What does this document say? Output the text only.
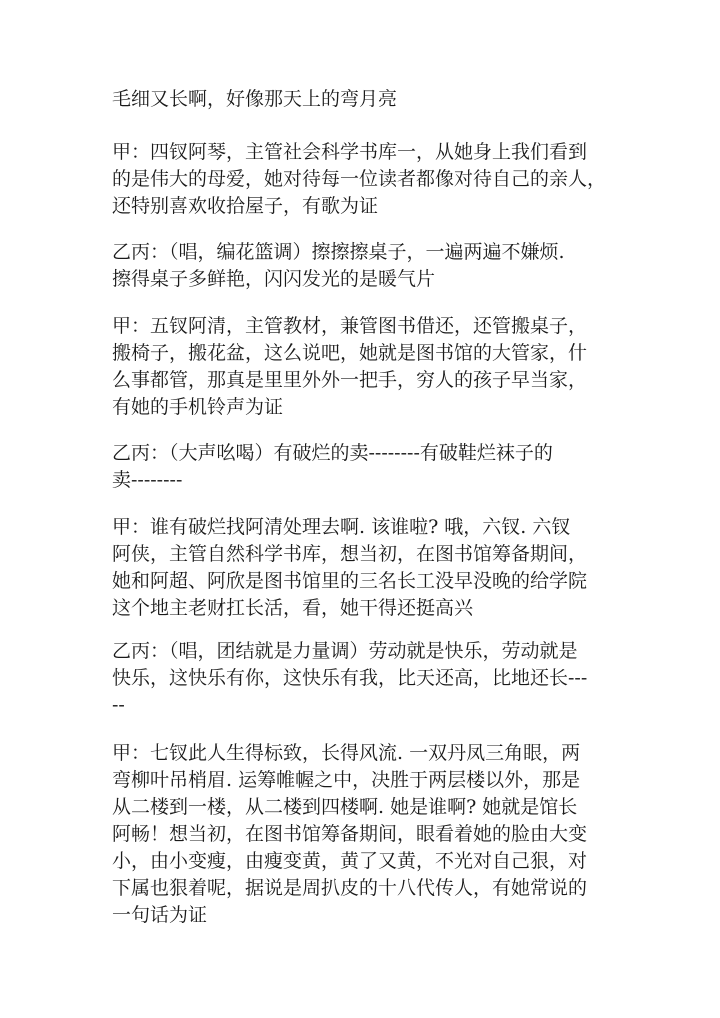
毛细又长啊，好像那天上的弯月亮
甲：四钗阿琴，主管社会科学书库一，从她身上我们看到
的是伟大的母爱，她对待每一位读者都像对待自己的亲人，
还特别喜欢收拾屋子，有歌为证
乙丙：（唱，编花篮调）擦擦擦桌子，一遍两遍不嫌烦.
擦得桌子多鲜艳，闪闪发光的是暖气片
甲：五钗阿清，主管教材，兼管图书借还，还管搬桌子，
搬椅子，搬花盆，这么说吧，她就是图书馆的大管家，什
么事都管，那真是里里外外一把手，穷人的孩子早当家，
有她的手机铃声为证
乙丙：（大声吆喝）有破烂的卖--------有破鞋烂袜子的
卖--------
甲：谁有破烂找阿清处理去啊. 该谁啦? 哦，六钗. 六钗
阿侠，主管自然科学书库，想当初，在图书馆筹备期间，
她和阿超、阿欣是图书馆里的三名长工没早没晚的给学院
这个地主老财扛长活，看，她干得还挺高兴
乙丙：（唱，团结就是力量调）劳动就是快乐，劳动就是
快乐，这快乐有你，这快乐有我，比天还高，比地还长---
--
甲：七钗此人生得标致，长得风流. 一双丹凤三角眼，两
弯柳叶吊梢眉. 运筹帷幄之中，决胜于两层楼以外，那是
从二楼到一楼，从二楼到四楼啊. 她是谁啊? 她就是馆长
阿畅！想当初，在图书馆筹备期间，眼看着她的脸由大变
小，由小变瘦，由瘦变黄，黄了又黄，不光对自己狠，对
下属也狠着呢，据说是周扒皮的十八代传人，有她常说的
一句话为证
